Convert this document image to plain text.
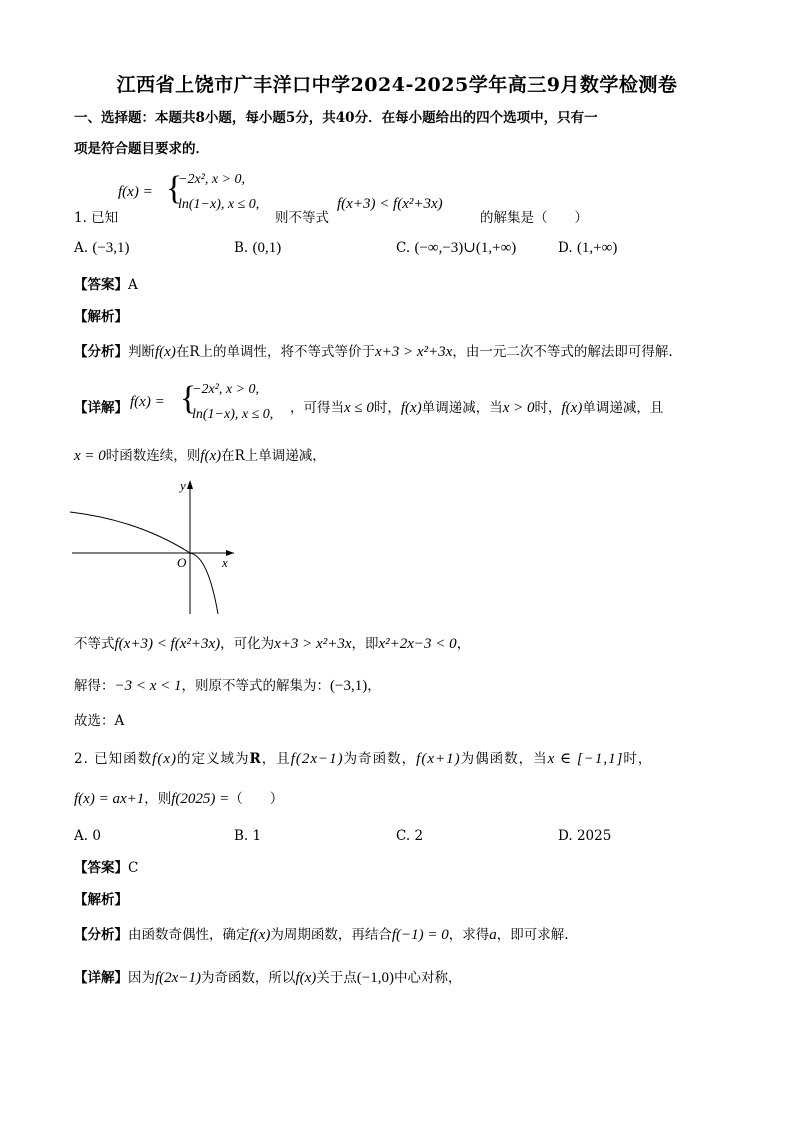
江西省上饶市广丰洋口中学2024-2025学年高三9月数学检测卷
一、选择题：本题共8小题，每小题5分，共40分．在每小题给出的四个选项中，只有一
项是符合题目要求的．
f(x) = {
−2x², x > 0,
ln(1−x), x ≤ 0,
1. 已知	则不等式
f(x+3) < f(x²+3x)
的解集是（　　）
A. (−3,1)	B. (0,1)	C. (−∞,−3)∪(1,+∞)	D. (1,+∞)
【答案】A
【解析】
【分析】判断f(x)在R上的单调性，将不等式等价于x+3 > x²+3x，由一元二次不等式的解法即可得解.
【详解】 f(x) = {
−2x², x > 0,
ln(1−x), x ≤ 0, ，可得当x ≤ 0时，f(x)单调递减，当x > 0时，f(x)单调递减，且
x = 0时函数连续，则f(x)在R上单调递减，
y
O	x
不等式f(x+3) < f(x²+3x)，可化为x+3 > x²+3x，即x²+2x−3 < 0，
解得：−3 < x < 1，则原不等式的解集为：(−3,1)，
故选：A
2. 已知函数f(x)的定义域为R，且f(2x−1)为奇函数，f(x+1)为偶函数，当x ∈ [−1,1]时，
f(x) = ax+1，则f(2025) =（　　）
A. 0	B. 1	C. 2	D. 2025
【答案】C
【解析】
【分析】由函数奇偶性，确定f(x)为周期函数，再结合f(−1) = 0，求得a，即可求解.
【详解】因为f(2x−1)为奇函数，所以f(x)关于点(−1,0)中心对称，
